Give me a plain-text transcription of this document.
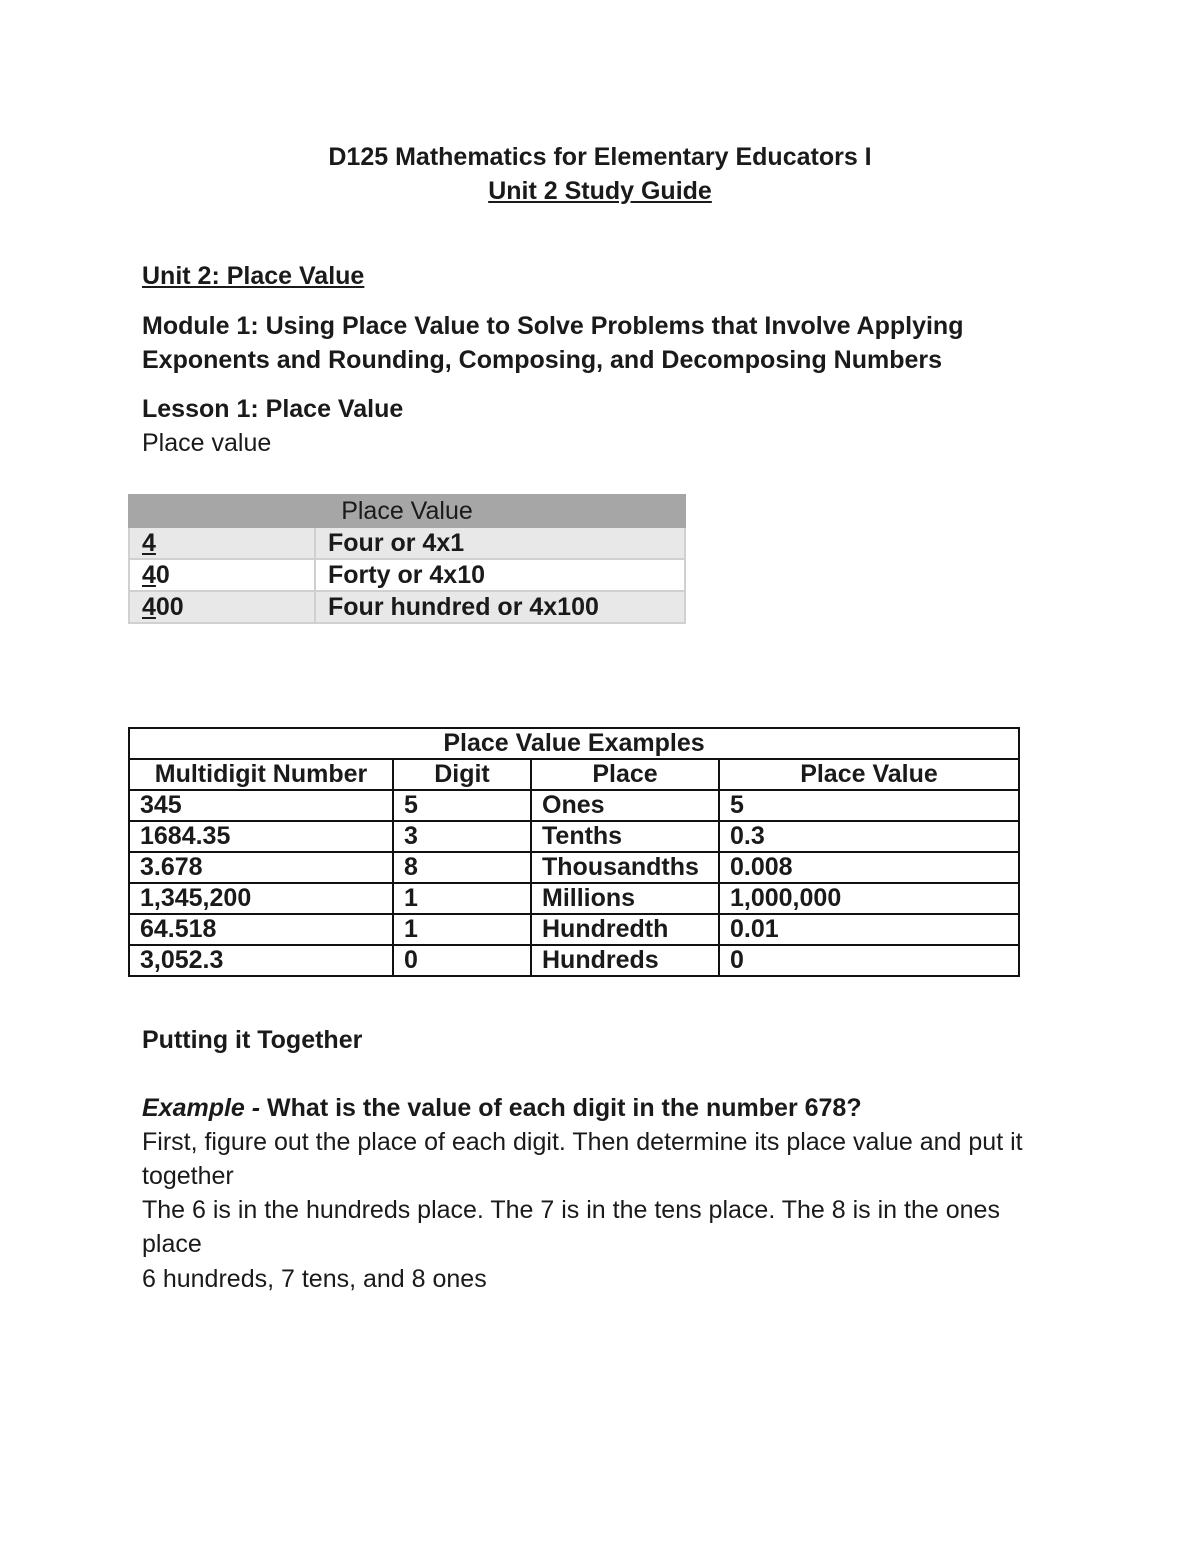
D125 Mathematics for Elementary Educators I
Unit 2 Study Guide
Unit 2: Place Value
Module 1: Using Place Value to Solve Problems that Involve Applying
Exponents and Rounding, Composing, and Decomposing Numbers
Lesson 1: Place Value
Place value
Place Value	
4	Four or 4x1
40	Forty or 4x10
400	Four hundred or 4x100
Place Value Examples			
Multidigit Number	Digit	Place	Place Value
345	5	Ones	5
1684.35	3	Tenths	0.3
3.678	8	Thousandths	0.008
1,345,200	1	Millions	1,000,000
64.518	1	Hundredth	0.01
3,052.3	0	Hundreds	0
Putting it Together
Example - What is the value of each digit in the number 678?
First, figure out the place of each digit. Then determine its place value and put it together
The 6 is in the hundreds place. The 7 is in the tens place. The 8 is in the ones place
6 hundreds, 7 tens, and 8 ones
